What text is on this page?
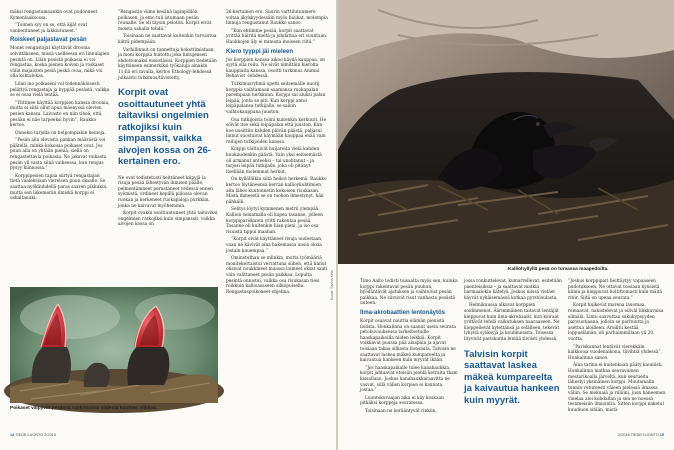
mäksi rengastamaankin ovat pudonneet Kymenlaaksossa.

”Toimen syy on se, että äijät ovat vanhentuneet ja lakkiutuneet.”

Roiskeet paljastavat pesän

Monet rengastajat käyttävät droonia selvittäkseen, missä vaelleessa eri linnulajien pesintä on. Lilan pesistä poikasia ei voi rengastaa, koska pienen koiven ja roskaset välin majaisten pesiä peskä ovaa, mikä voi olla kohtalokas.

Lilan ino poikaseni vol todennäköisesti pelättyä rengastaja ja hyppää pesästä, vaikka se ei osaa vielä lentää.

”Ylittinee käyttää korppien kanssa droonia, mutta ei siitä ollut apua mäenyssä olevien pesien kanssa. Laivasto on niin tiheä, että pesään ei näe tarpeeksi hyvin”, Raukko kertoo.

Onneksi tarjolla on helpompiakin keinoja.

”Pesän alla olevasta pankan määrästä voi päätellä, minkä-kokoisia poikaset ovat. Jos puun alla on yhtään pieniä, siellä on rengastettavia poikasia. Ne jakavat ruikasta pesän yli vasta siinä vaiheessa, kun rengas pysyy kiinnossa.”

Korppipesien tapaa siirtyä rengastajan tietä vaaleksiaan vierelsen puun oksalle. Se saattaa nyökäuhdellä paras saaren pikkukin, mutta sen liikemerän ilmiskä korppi ei uskaltanuki.

”Rengastin viime kesänä lapinpöllön poikasen, ja emo tuli istumaan pesän reunalle. Se oli täysin pelotön. Korpit eivät moista uskalla tehdä.”

Toisinaan ne saattavat kuitenkin turvautua käträ pidempään.

Varhillinnut on tunnettuja hokottimistaan, ja moni korppia huitottu joka lintujensen ehdottomaksi eissistäsisi. Korppien tiedetään käyttäneen esimerkiksi työkaluja ainakin 11:llä eri tavalla, kertoo Ethology-lehdessä julkaistu tutkimus/tiivistetty.

Korpit ovat osoittautuneet yhtä taitaviksi ongelmien ratkojiksi kuin simpanssit, vaikka aivojen kossa on 26-kertainen ero.

Ne ovat todistetusti heittäneet kiipyjä ia risuja pesää lähestyvän ihmisen päälle, pelmentämneet perustaneet vedessä ennen syömistä, ordineet kepillä piilossa olevan ruokaa ja kerkeneet ruokapaloja purkkiin, jonka ne kaivavat myöhemmin.

Korpit ovakin osoittautuneet yhtä taitaviksi ongelmien ratkojiksi kuin simpanssit, vaikka aivojen kossa on

26-kertainen ero. Suurin varttilutnumere voltaa äkykkyydessäin myös haukat, molempia linnuja rengastanut Raukko sanoo.

”Kun ehtimme pesää, korpit saattavat yrittää häiritä meitä ja johdattaa eri suuntaan. Haukkojen äly ei minusta moiseen riitä.”

Kiero tyyppi jäi mieleen

Jos korppien kanssa aikoo käydä kauppaa, on syytä olla reilu. Ne eivät nimittäin kierolta kauppiaita kanssa, osoitti turkimus Animal Behavior -lehdessä.

Tutkimusryhmä opetti seitsemälle nuorij korppia vaihtamaan saamansa ruokapalan parempaan herkkuun. Korppi sai aluksi palan leipää, jonta se piti. Kun korppi antoi leipäpalansa tutkijalle, se saikin vaihtokauppana juuston.

Osa tutkijoista toimi kuitenkin kerkuuri. He söivät itse sekä leipäpalan että juuston. Kun koe uusittiin kahden päivän päästä, paljasui linnut suostuivat käymään kauppaa enää vain reilujen tutkijoiden kanssa.

Korppi väittuivät huijareita vielä kahden kuukaudenkin päästä. Vain yksi seitsemästä oli armanut anteeksi – tai unohtanut – ja tarjosi leipää tutkijalle, joka oli pitänyt itsellään molemmat herkut.

On kyllöllilkin siitä heikot herkemä. Raukko kertoo löytäneensä kerran kallioykohtimien alta lähes kuutonnetin kokoisen risukasan. Mistä ihmeestä se on tuohon ilmestynyt, hän pähkäili.

Selitys löytyi kymmenen metrii ylempää. Kallion seinamalla oli kapea tasanne, jolleen korppipariskunta yritti rakentaa pesää. Tasanne oli kuitenkin liian pieni, ja iso osa risuista tippui maahan.

”Korpit eivät käyttäneet risuja uudestaan, vaan ne kävivät aina hakemassa uusia oksia jostain kauempaa.”

Ominstuthan se mlinkin, mutta työmääriä monitekertaistui verrattuna siihen, että linnut olisivat noukkineet maassa loimeet oksat saati vain valittaneet pesän paikkaa. Lopulta pesintä onnistui, vaikka osa risukasan tiesi roikkuin kallioasaseen silkopuisella. Rengastuspoikoneet-ohjelma.

Poikaset väipyvät pesässä ruokittuvina viidestä kuuteen viikkoa.
14 TIEDE LUONTO 2/2016
Kalliohyllyllä pesä on turvassa maapedoilta.
Kuvat: Sanna Kelo	Timo Aalto todisti toisaalta myös sen, kuinka korppi rakentavat pesän puuhun, hyödäntävät ajatuksen ja vaihtoivat pesän paikkaa. Ne siirsivät risut vanhasta pesästä uuteen.

Ilma-akrobaattien lentonäytös

Korpit osaavat nauttia elämän pienistä ilolista. Honkalinna on saanut usein seurata petokuvauksessa tarkeitsetuille haaskapaikoilla niiden leikkiä. Korpit voikkavat puussa pää alaspäin ja ajavat toisiaan takaa silkasta ilonsauta. Talvisin ne saattavat laskea mäkeä kumpareelta ja kaivautua hankeen kuin myyrät ikään.

”Jos haaskapaikalle tulee kanahaukkia, korpit jahtaavat eteisiin pienlä kotraita tham kissallaan. Joskus kanahaukkaraavitta ne vasvat, sillä välien korpien ei kannata jostaa.”

Luontokuvaajan aika ei käy koskaan pitkäksi korppeja seuratessa.

Toisinaan ne kerääntyvät rinkiin,

jossa ronkuttelevat, kumarrellevat, esitetään paenteisiksia – ja saattavat matkia barmaalokin kätelyä. Joskus niissä vieläet käyvät nykäisemässä kotkaa pyrstösulasta.

Helmikuussa alkavat korppien soidinmenot. Äärimmäinen taitavat lentäjät kieppuvat kuin ilma-akrobaatit, kun koiraat yrittävät tehdä vaikutuksen naaraaseen. Ne kieppeilevät kylettänsä ja selälleen, tekevät lyhyitä syöksyjä ja kouhkuisista. Toisessa lityvivät pariskunta lentää tiiviisti yhdessä.

Talvisin korpit saattavat laskea mäkeä kumpareelta ja kaivautua hankeen kuin myyrät.

”Joskus korppipari heittäytyy vapaaseen pudotukseen. Ne ottavat toisiaan kynsistä kiinni ja kieppuvat holtittomasti kuin mäitä ritiir. Siitä on upeaa seurata.”

Korpit kulkevat marena lauomaa, remaavat, nahistelevat ja eiliväl lilikkuvaisa silmälä. Lintu saavuttaa sukukypsyyden parivuotiaana, jolloin se parituutta ja asettua aloilleen. Aroilitu kestää loppuelämän, eli parhaimmillaan yli 20 vuotta.

”Pariskunnat lentävät vierekkäin kalkkoisa vuodenaikona, tiivihtiä yhdessä”, Honkalinna sanoo.

Aina tarina ei kuitenkaan pääty kauniisti. Honkalinna matkaa seuravuinen mestarikoalla järveltä, kun seurueita lähestyi yksinäinen korppi. Muutamalla tunnin vetureesti väleen pielessä ilmassa väliin. Se mekuaiä ja riiliiini, juon häneemen vinelaa aloi kohdaltan ja sen ne noessä tesnmeisiin ilmiointia. Sitten korppi naketul kuudiuon sitään, mistä

2/2016 TIEDE LUONTO 15
